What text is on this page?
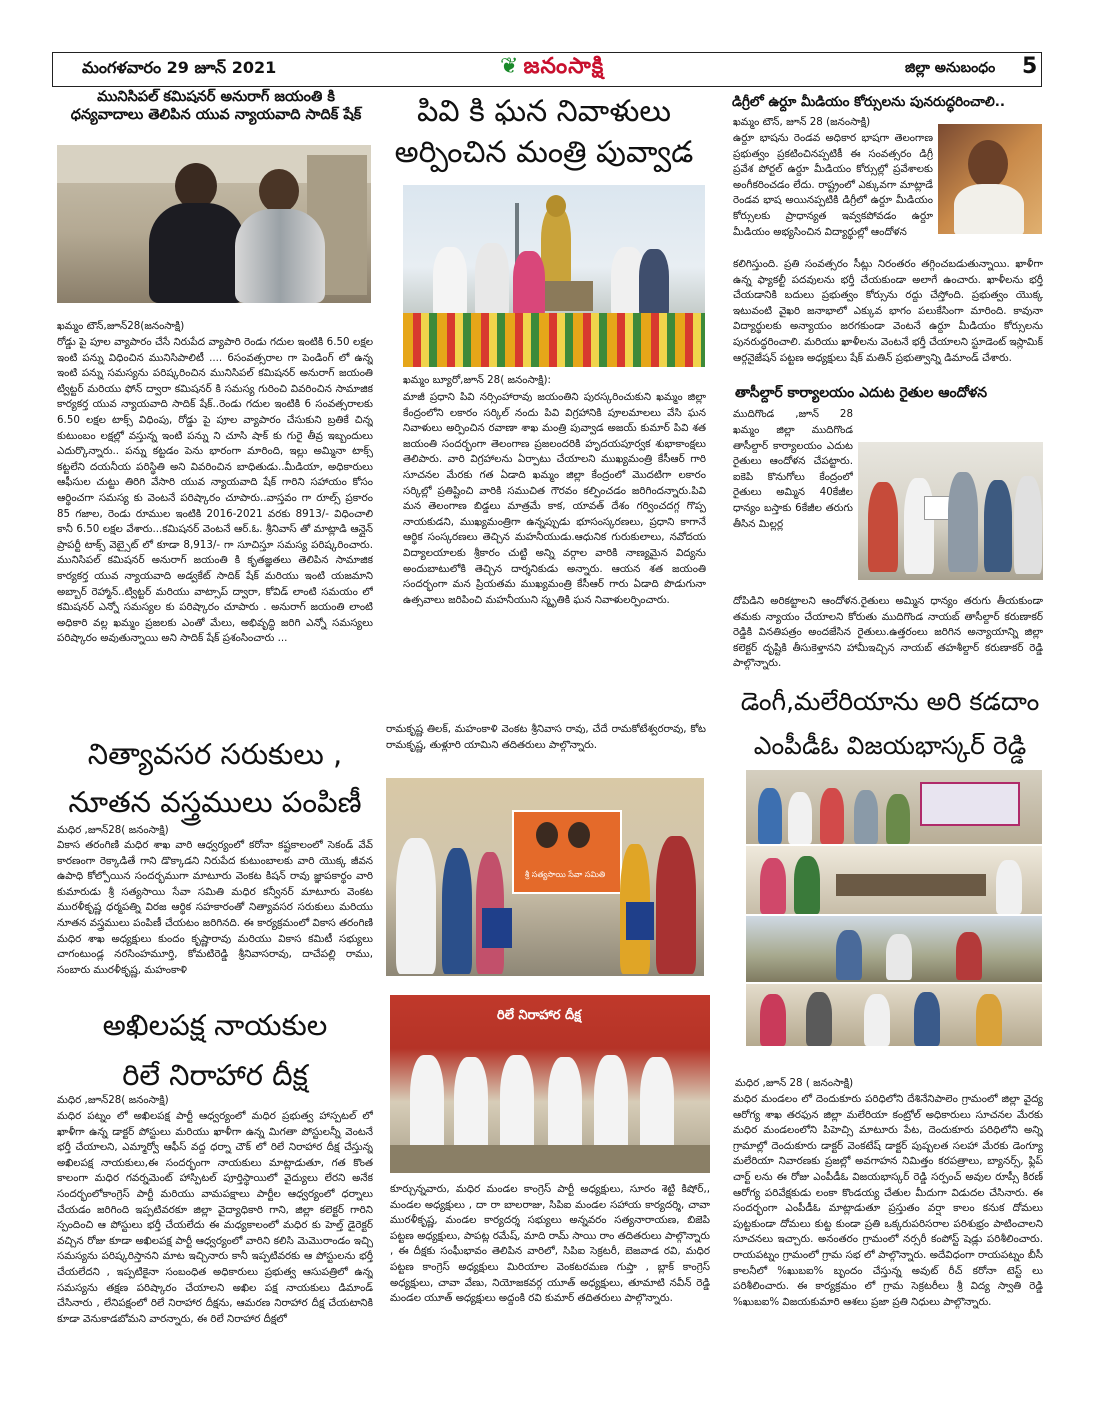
మంగళవారం 29 జూన్ 2021	❦ జనంసాక్షి	జిల్లా అనుబంధం 5
మునిసిపల్ కమిషనర్ అనురాగ్ జయంతి కి
ధన్యవాదాలు తెలిపిన యువ న్యాయవాది సాదిక్ షేక్
ఖమ్మం టౌన్,జూన్28(జనంసాక్షి)
రోడ్డు పై పూల వ్యాపారం చేసే నిరుపేద వ్యాపారి రెండు గదుల ఇంటికి 6.50 లక్షల ఇంటి పన్ను విధించిన మునిసిపాలిటీ .... 6సంవత్సరాల గా పెండింగ్ లో ఉన్న ఇంటి పన్ను సమస్యను పరిష్కరించిన మునిసిపల్ కమిషనర్ అనురాగ్ జయంతి ట్విట్టర్ మరియు ఫోన్ ద్వారా కమిషనర్ కి సమస్య గురించి వివరించిన సామాజిక కార్యకర్త యువ న్యాయవాది సాదిక్ షేక్..రెండు గదుల ఇంటికి 6 సంవత్సరాలకు 6.50 లక్షల టాక్స్ విధింపు, రోడ్డు పై పూల వ్యాపారం చేసుకుని బ్రతికే చిన్న కుటుంబం లక్షల్లో వస్తున్న ఇంటి పన్ను ని చూసి షాక్ కు గురై తీవ్ర ఇబ్బందులు ఎదుర్కొన్నారు.. పన్ను కట్టడం పెను భారంగా మారింది, ఇల్లు అమ్మినా టాక్స్ కట్టలేని దయనీయ పరిస్థితి అని వివరించిన బాధితుడు..మీడియా, అధికారులు ఆఫీసుల చుట్టు తిరిగి వేసారి యువ న్యాయవాది షేక్ గారిని సహాయం కోసం ఆర్థించగా సమస్య కు వెంటనే పరిష్కారం చూపారు..వాస్తవం గా రూల్స్ ప్రకారం 85 గజాల, రెండు రూముల ఇంటికి 2016-2021 వరకు 8913/- విధించాలి కానీ 6.50 లక్షల వేశారు...కమిషనర్ వెంటనే ఆర్.ఓ. శ్రీనివాస్ తో మాట్లాడి ఆన్లైన్ ప్రాపర్టీ టాక్స్ వెబ్సైట్ లో కూడా 8,913/- గా సూచిస్తూ సమస్య పరిష్కరించారు. మునిసిపల్ కమిషనర్ అనురాగ్ జయంతి కి కృతజ్ఞతలు తెలిపిన సామాజిక కార్యకర్త యువ న్యాయవాది అడ్వకేట్ సాదిక్ షేక్ మరియు ఇంటి యజమాని అబ్బార్ రెహ్మాన్..ట్విట్టర్ మరియు వాట్సాప్ ద్వారా, కోవిడ్ లాంటి సమయం లో కమిషనర్ ఎన్నో సమస్యల కు పరిష్కారం చూపారు . అనురాగ్ జయంతి లాంటి అధికారి వల్ల ఖమ్మం ప్రజలకు ఎంతో మేలు, అభివృద్ధి జరిగి ఎన్నో సమస్యలు పరిష్కారం అవుతున్నాయి అని సాదిక్ షేక్ ప్రశంసించారు ...
పివి కి ఘన నివాళులు
అర్పించిన మంత్రి పువ్వాడ
ఖమ్మం బ్యూరో,జూన్ 28( జనంసాక్షి):
మాజీ ప్రధాని పివి నర్సింహారావు జయంతిని పురస్కరించుకుని ఖమ్మం జిల్లా కేంద్రంలోని లకారం సర్కిల్ నందు పివి విగ్రహానికి పూలమాలలు వేసి ఘన నివాళులు అర్పించిన రవాణా శాఖ మంత్రి పువ్వాడ అజయ్ కుమార్ పివి శత జయంతి సందర్భంగా తెలంగాణ ప్రజలందరికి హృదయపూర్వక శుభాకాంక్షలు తెలిపారు. వారి విగ్రహాలను ఏర్పాటు చేయాలని ముఖ్యమంత్రి కేసీఆర్ గారి సూచనల మేరకు గత ఏడాది ఖమ్మం జిల్లా కేంద్రంలో మొదటిగా లకారం సర్కిల్లో ప్రతిష్టించి వారికి సముచిత గౌరవం కల్పించడం జరిగిందన్నారు.పివి మన తెలంగాణ బిడ్డలు మాత్రమే కాక, యావత్ దేశం గర్వించదగ్గ గొప్ప నాయకుడని, ముఖ్యమంత్రిగా ఉన్నప్పుడు భూసంస్కరణలు, ప్రధాని కాగానే ఆర్థిక సంస్కరణలు తెచ్చిన మహనీయుడు.ఆధునిక గురుకులాలు, నవోదయ విద్యాలయాలకు శ్రీకారం చుట్టి అన్ని వర్గాల వారికి నాణ్యమైన విద్యను అందుబాటులోకి తెచ్చిన దార్శనికుడు అన్నారు. ఆయన శత జయంతి సందర్భంగా మన ప్రియతమ ముఖ్యమంత్రి కేసీఆర్ గారు ఏడాది పొడుగునా ఉత్సవాలు జరిపించి మహనీయుని స్మృతికి ఘన నివాళులర్పించారు.
డిగ్రీలో ఉర్దూ మీడియం కోర్సులను పునరుద్ధరించాలి..
ఖమ్మం టౌన్, జూన్ 28 (జనంసాక్షి)
ఉర్దూ భాషను రెండవ అధికార భాషగా తెలంగాణ ప్రభుత్వం ప్రకటించినప్పటికీ ఈ సంవత్సరం డిగ్రీ ప్రవేశ పోర్టల్ ఉర్దూ మీడియం కోర్సుల్లో ప్రవేశాలకు అంగీకరించడం లేదు. రాష్ట్రంలో ఎక్కువగా మాట్లాడే రెండవ భాష అయినప్పటికి డిగ్రీలో ఉర్దూ మీడియం కోర్సులకు ప్రాధాన్యత ఇవ్వకపోవడం ఉర్దూ మీడియం అభ్యసించిన విద్యార్థుల్లో ఆందోళన
కలిగిస్తుంది. ప్రతి సంవత్సరం సీట్లు నిరంతరం తగ్గించబడుతున్నాయి. ఖాళీగా ఉన్న ఫ్యాకల్టీ పదవులను భర్తీ చేయకుండా అలాగే ఉంచారు. ఖాళీలను భర్తీ చేయడానికి బదులు ప్రభుత్వం కోర్సును రద్దు చేస్తోంది. ప్రభుత్వం యొక్క ఇటువంటి వైఖరి జనాభాలో ఎక్కువ భాగం పలుకేసింగా మారింది. కావునా విద్యార్థులకు అన్యాయం జరగకుండా వెంటనే ఉర్దూ మీడియం కోర్సులను పునరుద్ధరించాలి. మరియు ఖాళీలను వెంటనే భర్తీ చేయాలని స్టూడెంట్ ఇస్లామిక్ ఆర్గనైజేషన్ పట్టణ అధ్యక్షులు షేక్ మతిన్ ప్రభుత్వాన్ని డిమాండ్ చేశారు.
తాసీల్దార్ కార్యాలయం ఎదుట రైతుల ఆందోళన
ముదిగొండ ,జూన్ 28
ఖమ్మం జిల్లా ముదిగొండ తాసీల్దార్ కార్యాలయం ఎదుట రైతులు ఆందోళన చేపట్టారు. ఐకెపి కొనుగోలు కేంద్రంలో రైతులు అమ్మిన 40కేజీల ధాన్యం బస్తాకు 6కేజీల తరుగు తీసిన మిల్లర్ల
దోపిడిని అరికట్టాలని ఆందోళన.రైతులు అమ్మిన ధాన్యం తరుగు తీయకుండా తమకు న్యాయం చేయాలని కోరుతు ముదిగొండ నాయబ్ తాసీల్దార్ కరుణాకర్ రెడ్డికి వినతిపత్రం అందజేసిన రైతులు.ఉత్తరంలు జరిగిన అన్యాయాన్ని జిల్లా కలెక్టర్ దృష్టికి తీసుకెళ్తానని హామీఇచ్చిన నాయబ్ తహశీల్దార్ కరుణాకర్ రెడ్డి పాల్గొన్నారు.
నిత్యావసర సరుకులు ,
నూతన వస్త్రములు పంపిణీ
మధిర ,జూన్28( జనంసాక్షి)
వికాస తరంగిణి మధిర శాఖ వారి ఆధ్వర్యంలో కరోనా కష్టకాలంలో సెకండ్ వేవ్ కారణంగా రెక్కాడితే గాని డొక్కాడని నిరుపేద కుటుంబాలకు వారి యొక్క జీవన ఉపాధి కోల్పోయిన సందర్భముగా మాటూరు వెంకట కిషన్ రావు జ్ఞాపకార్థం వారి కుమారుడు శ్రీ సత్యసాయి సేవా సమితి మధిర కన్వీనర్ మాటూరు వెంకట మురళీకృష్ణ ధర్మపత్ని విరజ ఆర్థిక సహకారంతో నిత్యావసర సరుకులు మరియు నూతన వస్త్రములు పంపిణీ చేయటం జరిగినది. ఈ కార్యక్రమంలో వికాస తరంగిణి మధిర శాఖ అధ్యక్షులు కుందం కృష్ణారావు మరియు వికాస కమిటీ సభ్యులు చాగంటుండ్ల నరసింహమూర్తి, కోమటిరెడ్డి శ్రీనివాసరావు, దాచేపల్లి రాము, సంబారు మురళీకృష్ణ, మహంకాళి
రామకృష్ణ తిలక్, మహంకాళి వెంకట శ్రీనివాస రావు, చేదే రామకోటేశ్వరరావు, కోట రామకృష్ణ, తుళ్లూరి యామిని తదితరులు పాల్గొన్నారు.
శ్రీ సత్యసాయి సేవా సమితి
డెంగీ,మలేరియాను అరి కడదాం
ఎంపీడీఓ విజయభాస్కర్ రెడ్డి
మధిర ,జూన్ 28 ( జనంసాక్షి)
మధిర మండలం లో దెందుకూరు పరిధిలోని దేశినేనిపాలెం గ్రామంలో జిల్లా వైద్య ఆరోగ్య శాఖ తరఫున జిల్లా మలేరియా కంట్రోల్ అధికారులు సూచనల మేరకు మధిర మండలంలోని పిహెచ్సి మాటూరు పేట, దెందుకూరు పరిధిలోని అన్ని గ్రామాల్లో దెందుకూరు డాక్టర్ వెంకటేష్ డాక్టర్ పుష్పలత సలహా మేరకు డెంగ్యూ మలేరియా నివారణకు ప్రజల్లో అవగాహన నిమిత్తం కరపత్రాలు, బ్యానర్స్, ఫ్లిప్ చార్ట్ లను ఈ రోజు ఎంపీడీఓ విజయభాస్కర్ రెడ్డి సర్పంచ్ అవుల రూప్సీ కిరణ్ ఆరోగ్య పరివేక్షకుడు లంకా కొండయ్య చేతుల మీదుగా విడుదల చేసినారు. ఈ సందర్భంగా ఎంపీడీఓ మాట్లాడుతూ ప్రస్తుతం వర్షా కాలం కనుక దోమలు పుట్టకుండా దోమలు కుట్ట కుండా ప్రతి ఒక్కరుపరిసరాల పరిశుభ్రం పాటించాలని సూచనలు ఇచ్చారు. అనంతరం గ్రామంలో నర్సరీ కంపోస్ట్ షెడ్లు పరిశీలించారు. రాయపట్నం గ్రామంలో గ్రామ సభ లో పాల్గొన్నారు. అదేవిధంగా రాయపట్నం బీసీ కాలనీలో %ఖుబఐ% బృందం చేస్తున్న అవుట్ రీచ్ కరోనా టెస్ట్ లు పరిశీలించారు. ఈ కార్యక్రమం లో గ్రామ సెక్రటరీలు శ్రీ విద్య స్వాతి రెడ్డి %ఖుబఐ% విజయకుమారి ఆశలు ప్రజా ప్రతి నిధులు పాల్గొన్నారు.
అఖిలపక్ష నాయకుల
రిలే నిరాహార దీక్ష
మధిర ,జూన్28( జనంసాక్షి)
మధిర పట్నం లో అఖిలపక్ష పార్టీ ఆధ్వర్యంలో మధిర ప్రభుత్వ హాస్పటల్ లో ఖాళీగా ఉన్న డాక్టర్ పోస్టులు మరియు ఖాళీగా ఉన్న మిగతా పోస్టులన్నీ వెంటనే భర్తీ చేయాలని, ఎమ్మార్వో ఆఫీస్ వద్ద ధర్నా చౌక్ లో రిలే నిరాహార దీక్ష చేస్తున్న అఖిలపక్ష నాయకులు,ఈ సందర్భంగా నాయకులు మాట్లాడుతూ, గత కొంత కాలంగా మధిర గవర్నమెంట్ హాస్పిటల్ పూర్తిస్థాయిలో వైద్యులు లేరని అనేక సందర్భంలోకాంగ్రెస్ పార్టీ మరియు వామపక్షాలు పార్టీల ఆధ్వర్యంలో ధర్నాలు చేయడం జరిగింది ఇప్పటివరకూ జిల్లా వైద్యాధికారి గాని, జిల్లా కలెక్టర్ గారిని స్పందించి ఆ పోస్టులు భర్తీ చేయలేదు ఈ మధ్యకాలంలో మధిర కు హెల్త్ డైరెక్టర్ వచ్చిన రోజు కూడా అఖిలపక్ష పార్టీ ఆధ్వర్యంలో వారిని కలిసి మెమొరాండం ఇచ్చి సమస్యను పరిష్కరిస్తానని మాట ఇచ్చినారు కానీ ఇప్పటివరకు ఆ పోస్టులను భర్తీ చేయలేదని , ఇప్పటికైనా సంబంధిత అధికారులు ప్రభుత్వ ఆసుపత్రిలో ఉన్న సమస్యను తక్షణ పరిష్కారం చేయాలని అఖిల పక్ష నాయకులు డిమాండ్ చేసినారు , లేనిపక్షంలో రిలే నిరాహార దీక్షను, ఆమరణ నిరాహార దీక్ష చేయటానికి కూడా వెనుకాడబోమని వారన్నారు, ఈ రిలే నిరాహార దీక్షలో
రిలే నిరాహార దీక్ష
కూర్చున్నవారు, మధిర మండల కాంగ్రెస్ పార్టీ అధ్యక్షులు, సూరం శెట్టి కిషోర్,, మండల అధ్యక్షులు , దా రా బాలరాజు, సిపిఐ మండల సహాయ కార్యదర్శి, చావా మురళీకృష్ణ, మండల కార్యదర్శ సభ్యులు అన్నవరం సత్యనారాయణ, బిజెపి పట్టణ అధ్యక్షులు, పాపట్ల రమేష్, మాది రామ్ సాయి రాం తదితరులు పాల్గొన్నారు , ఈ దీక్షకు సంఘీభావం తెలిపిన వారిలో, సిపిఐ సెక్రటరీ, బెజవాడ రవి, మధిర పట్టణ కాంగ్రెస్ అధ్యక్షులు మిరియాల వెంకటరమణ గుప్తా , బ్లాక్ కాంగ్రెస్ అధ్యక్షులు, చావా వేణు, నియోజకవర్గ యూత్ అధ్యక్షులు, తూమాటి నవీన్ రెడ్డి మండల యూత్ అధ్యక్షులు అద్దంకి రవి కుమార్ తదితరులు పాల్గొన్నారు.
